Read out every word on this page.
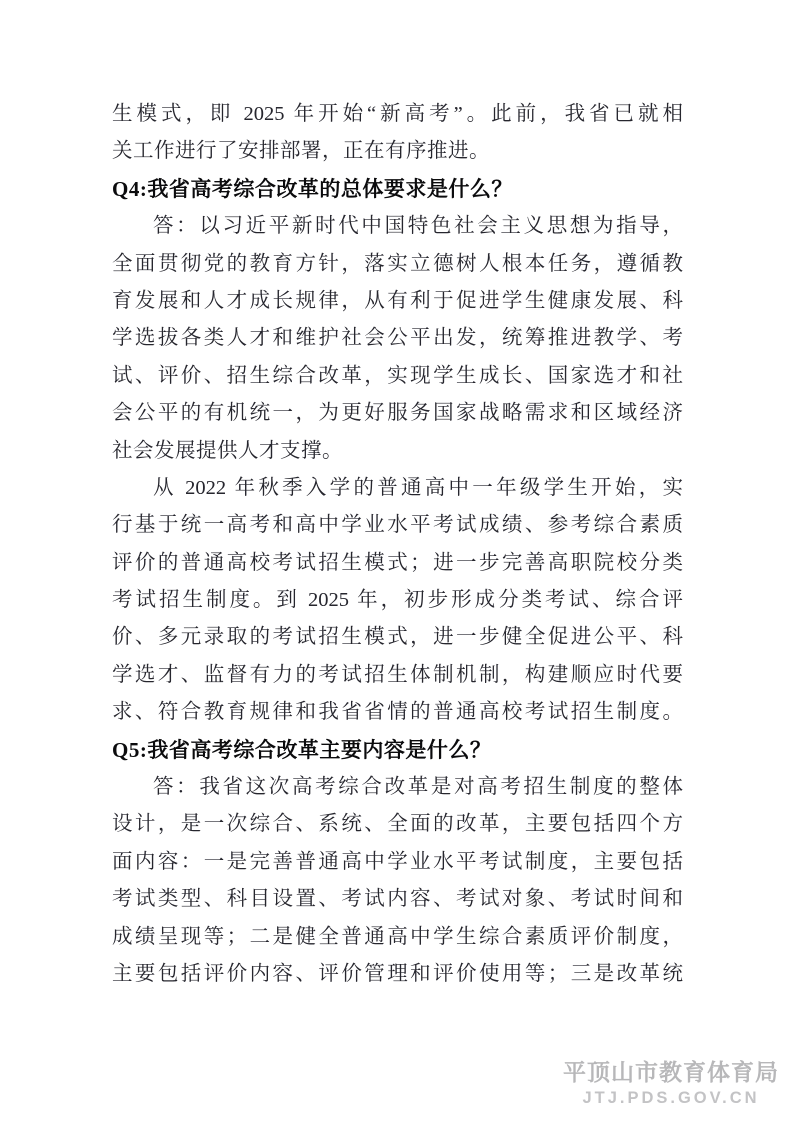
生模式，即 2025 年开始“新高考”。此前，我省已就相
关工作进行了安排部署，正在有序推进。
Q4:我省高考综合改革的总体要求是什么？
答：以习近平新时代中国特色社会主义思想为指导，
全面贯彻党的教育方针，落实立德树人根本任务，遵循教
育发展和人才成长规律，从有利于促进学生健康发展、科
学选拔各类人才和维护社会公平出发，统筹推进教学、考
试、评价、招生综合改革，实现学生成长、国家选才和社
会公平的有机统一，为更好服务国家战略需求和区域经济
社会发展提供人才支撑。
从 2022 年秋季入学的普通高中一年级学生开始，实
行基于统一高考和高中学业水平考试成绩、参考综合素质
评价的普通高校考试招生模式；进一步完善高职院校分类
考试招生制度。到 2025 年，初步形成分类考试、综合评
价、多元录取的考试招生模式，进一步健全促进公平、科
学选才、监督有力的考试招生体制机制，构建顺应时代要
求、符合教育规律和我省省情的普通高校考试招生制度。
Q5:我省高考综合改革主要内容是什么？
答：我省这次高考综合改革是对高考招生制度的整体
设计，是一次综合、系统、全面的改革，主要包括四个方
面内容：一是完善普通高中学业水平考试制度，主要包括
考试类型、科目设置、考试内容、考试对象、考试时间和
成绩呈现等；二是健全普通高中学生综合素质评价制度，
主要包括评价内容、评价管理和评价使用等；三是改革统
平顶山市教育体育局
JTJ.PDS.GOV.CN
